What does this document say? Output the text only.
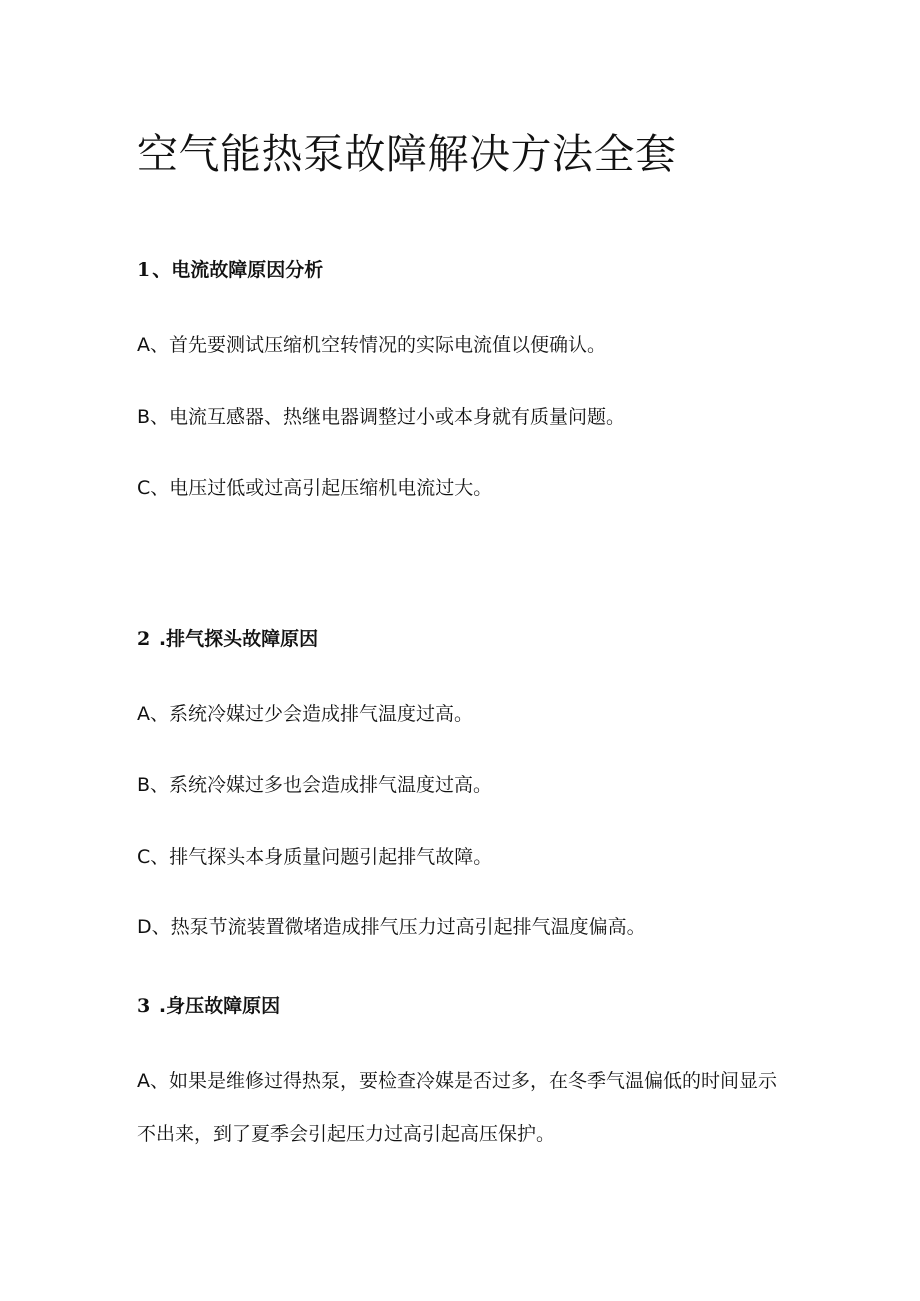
空气能热泵故障解决方法全套
1 、电流故障原因分析

A、首先要测试压缩机空转情况的实际电流值以便确认。

B、电流互感器、热继电器调整过小或本身就有质量问题。

C、电压过低或过高引起压缩机电流过大。

2 .排气探头故障原因

A、系统冷媒过少会造成排气温度过高。

B、系统冷媒过多也会造成排气温度过高。

C、排气探头本身质量问题引起排气故障。

D、热泵节流装置微堵造成排气压力过高引起排气温度偏高。

3 .身压故障原因

A、如果是维修过得热泵，要检查冷媒是否过多，在冬季气温偏低的时间显示不出来，到了夏季会引起压力过高引起高压保护。
